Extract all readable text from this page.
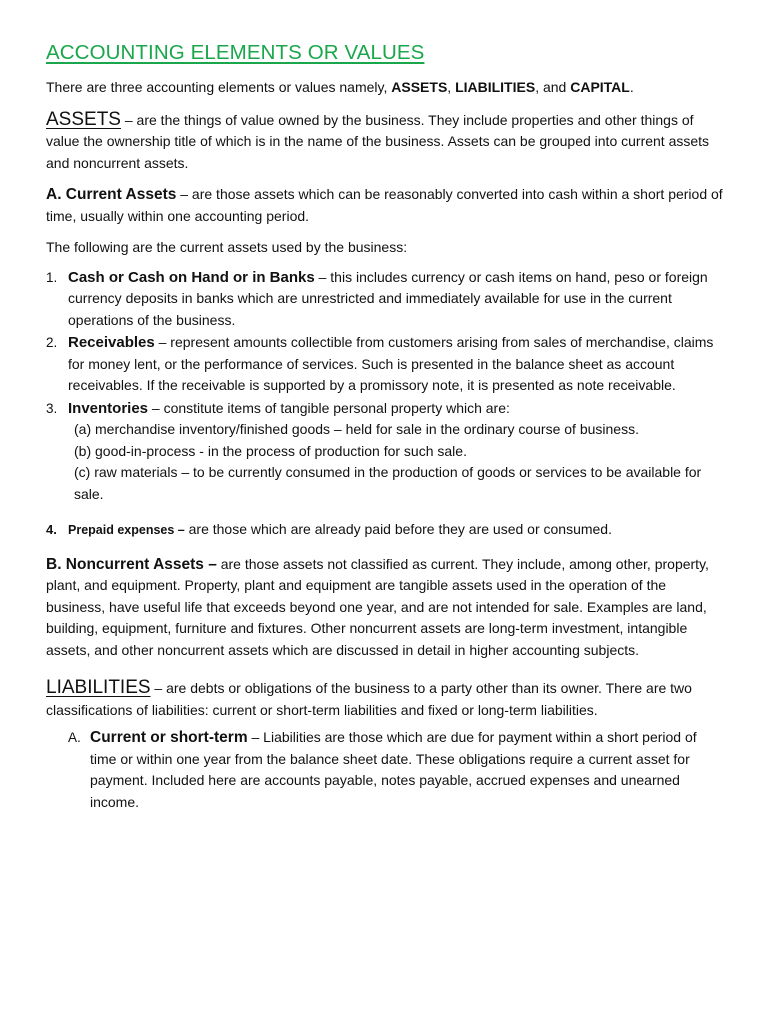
ACCOUNTING ELEMENTS OR VALUES

There are three accounting elements or values namely, ASSETS, LIABILITIES, and CAPITAL.

ASSETS – are the things of value owned by the business. They include properties and other things of value the ownership title of which is in the name of the business. Assets can be grouped into current assets and noncurrent assets.

A. Current Assets – are those assets which can be reasonably converted into cash within a short period of time, usually within one accounting period.

The following are the current assets used by the business:

1. Cash or Cash on Hand or in Banks – this includes currency or cash items on hand, peso or foreign currency deposits in banks which are unrestricted and immediately available for use in the current operations of the business.
2. Receivables – represent amounts collectible from customers arising from sales of merchandise, claims for money lent, or the performance of services. Such is presented in the balance sheet as account receivables. If the receivable is supported by a promissory note, it is presented as note receivable.
3. Inventories – constitute items of tangible personal property which are:
(a) merchandise inventory/finished goods – held for sale in the ordinary course of business.
(b) good-in-process - in the process of production for such sale.
(c) raw materials – to be currently consumed in the production of goods or services to be available for sale.
4. Prepaid expenses – are those which are already paid before they are used or consumed.

B. Noncurrent Assets – are those assets not classified as current. They include, among other, property, plant, and equipment. Property, plant and equipment are tangible assets used in the operation of the business, have useful life that exceeds beyond one year, and are not intended for sale. Examples are land, building, equipment, furniture and fixtures. Other noncurrent assets are long-term investment, intangible assets, and other noncurrent assets which are discussed in detail in higher accounting subjects.

LIABILITIES – are debts or obligations of the business to a party other than its owner. There are two classifications of liabilities: current or short-term liabilities and fixed or long-term liabilities.

A. Current or short-term – Liabilities are those which are due for payment within a short period of time or within one year from the balance sheet date. These obligations require a current asset for payment. Included here are accounts payable, notes payable, accrued expenses and unearned income.
